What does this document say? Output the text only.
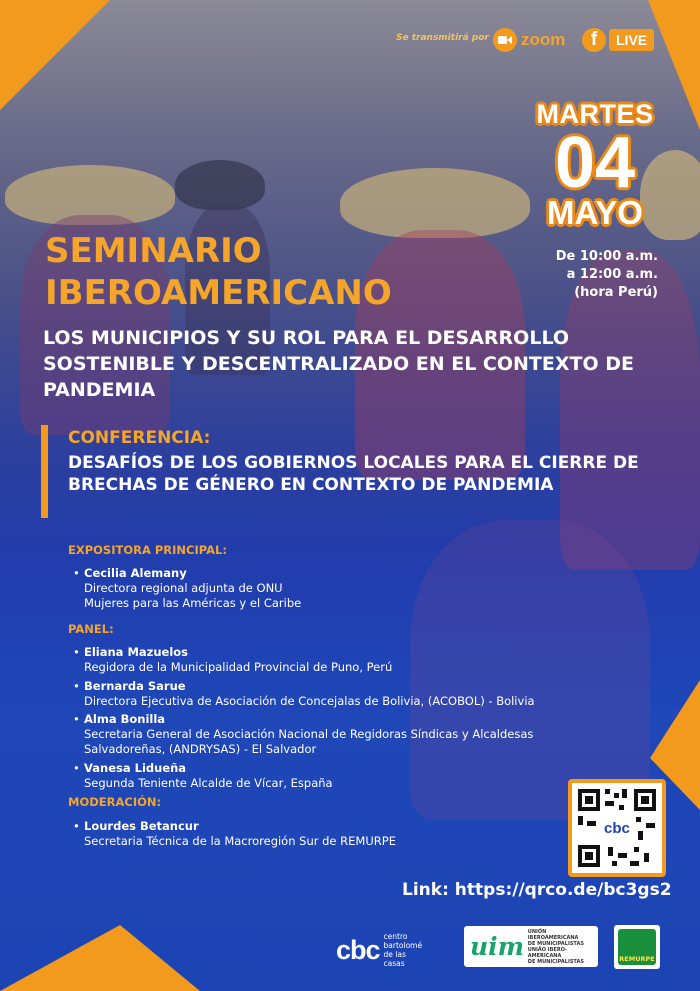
Se transmitirá por zoom	f	LIVE
MARTES
04
MAYO
De 10:00 a.m.
a 12:00 a.m.
(hora Perú)
SEMINARIO
IBEROAMERICANO

LOS MUNICIPIOS Y SU ROL PARA EL DESARROLLO SOSTENIBLE Y DESCENTRALIZADO EN EL CONTEXTO DE PANDEMIA

CONFERENCIA:

DESAFÍOS DE LOS GOBIERNOS LOCALES PARA EL CIERRE DE BRECHAS DE GÉNERO EN CONTEXTO DE PANDEMIA

EXPOSITORA PRINCIPAL:

• Cecilia Alemany
Directora regional adjunta de ONU
Mujeres para las Américas y el Caribe

PANEL:

• Eliana Mazuelos
Regidora de la Municipalidad Provincial de Puno, Perú
• Bernarda Sarue
Directora Ejecutiva de Asociación de Concejalas de Bolivia, (ACOBOL) - Bolivia
• Alma Bonilla
Secretaria General de Asociación Nacional de Regidoras Síndicas y Alcaldesas
Salvadoreñas, (ANDRYSAS) - El Salvador
• Vanesa Lidueña
Segunda Teniente Alcalde de Vícar, España

MODERACIÓN:

• Lourdes Betancur
Secretaria Técnica de la Macroregión Sur de REMURPE
cbc

Link: https://qrco.de/bc3gs2

cbc centro
bartolomé
de las casas
uim
UNIÓN IBEROAMERICANA
DE MUNICIPALISTAS
UNIÃO IBERO-AMERICANA
DE MUNICIPALISTAS	REMURPE
